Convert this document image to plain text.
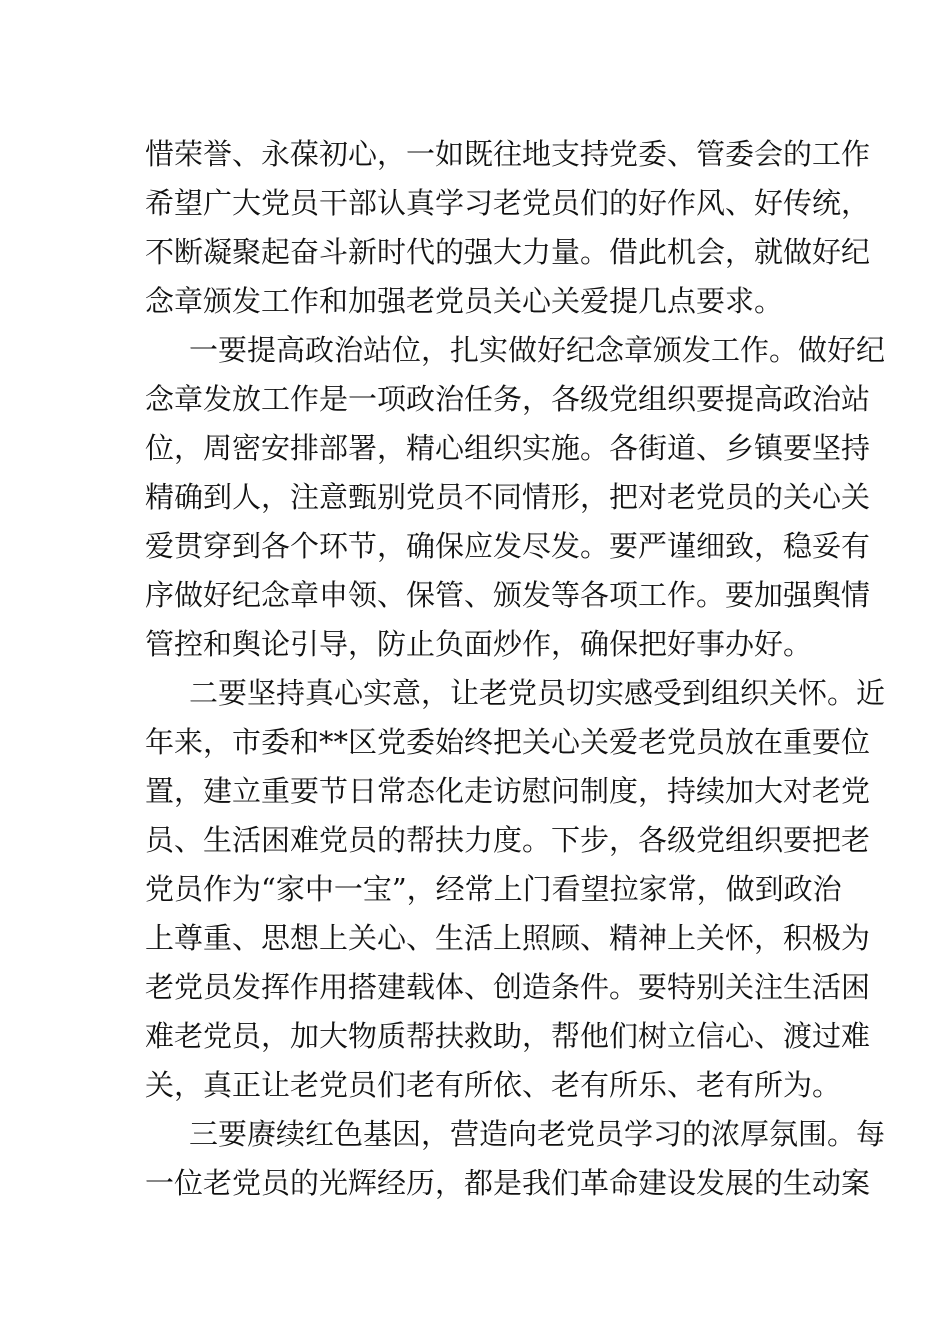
惜荣誉、永葆初心，一如既往地支持党委、管委会的工作
希望广大党员干部认真学习老党员们的好作风、好传统，
不断凝聚起奋斗新时代的强大力量。借此机会，就做好纪
念章颁发工作和加强老党员关心关爱提几点要求。
一要提高政治站位，扎实做好纪念章颁发工作。做好纪
念章发放工作是一项政治任务，各级党组织要提高政治站
位，周密安排部署，精心组织实施。各街道、乡镇要坚持
精确到人，注意甄别党员不同情形，把对老党员的关心关
爱贯穿到各个环节，确保应发尽发。要严谨细致，稳妥有
序做好纪念章申领、保管、颁发等各项工作。要加强舆情
管控和舆论引导，防止负面炒作，确保把好事办好。
二要坚持真心实意，让老党员切实感受到组织关怀。近
年来，市委和**区党委始终把关心关爱老党员放在重要位
置，建立重要节日常态化走访慰问制度，持续加大对老党
员、生活困难党员的帮扶力度。下步，各级党组织要把老
党员作为“家中一宝”，经常上门看望拉家常，做到政治
上尊重、思想上关心、生活上照顾、精神上关怀，积极为
老党员发挥作用搭建载体、创造条件。要特别关注生活困
难老党员，加大物质帮扶救助，帮他们树立信心、渡过难
关，真正让老党员们老有所依、老有所乐、老有所为。
三要赓续红色基因，营造向老党员学习的浓厚氛围。每
一位老党员的光辉经历，都是我们革命建设发展的生动案
